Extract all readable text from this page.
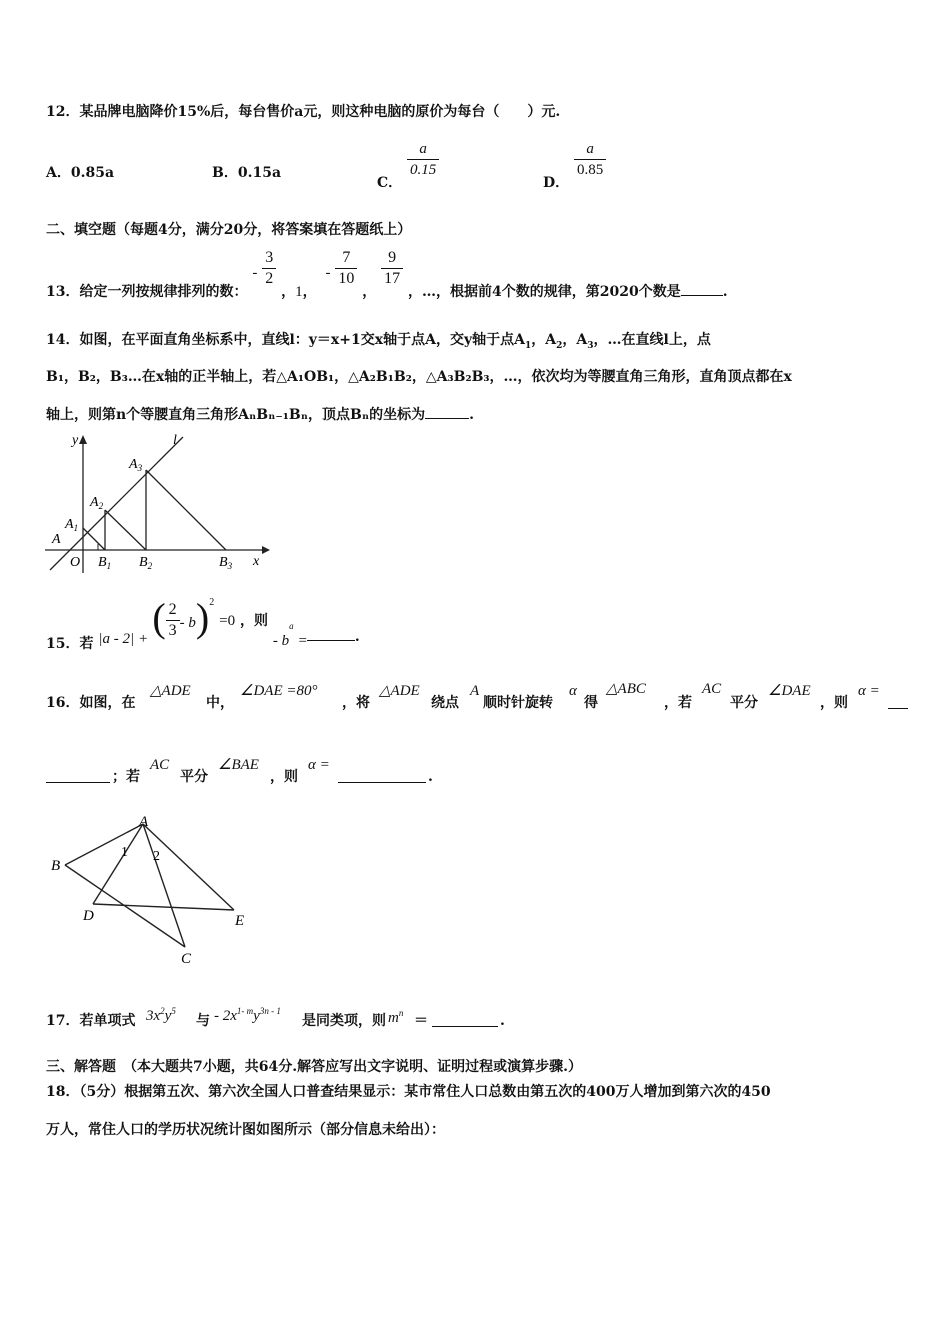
12．某品牌电脑降价15%后，每台售价a元，则这种电脑的原价为每台（　　）元.
A．0.85a	B．0.15a
C．
$\frac{a}{0.15}$
D．
$\frac{a}{0.85}$
二、填空题（每题4分，满分20分，将答案填在答题纸上）
13．给定一列按规律排列的数： - $\frac{3}{2}$
，1， - $\frac{7}{10}$
，
$\frac{9}{17}$
，…，根据前4个数的规律，第2020个数是	.
14．如图，在平面直角坐标系中，直线l：y＝x+1交x轴于点A，交y轴于点$A_1$，$A_2$，$A_3$，…在直线l上，点
B₁，B₂，B₃…在x轴的正半轴上，若△A₁OB₁，△A₂B₁B₂，△A₃B₂B₃，…，依次均为等腰直角三角形，直角顶点都在x
轴上，则第n个等腰直角三角形AₙBₙ₋₁Bₙ，顶点Bₙ的坐标为	.
y	l
$A_3$
$A_2$
$A_1$
A
O $B_1$ $B_2$	$B_3$ x
15．若 |a - 2| + ( $\frac{2}{3} - b)^2 =0$ ，则 - $b^a$ =	.
16．如图，在
△ADE
中，
∠DAE =80°
，将
△ADE
绕点
A
顺时针旋转
α
得
△ABC
，若
AC
平分
∠DAE
，则
α =
；若
AC
平分
∠BAE
，则
α =
.
A
B
D	E
C
1 2
17．若单项式 $3x^2y^5$
与 - $2x^{1- m}y^{3n - 1}$
是同类项，则 $m^n$ ＝	.
三、解答题　（本大题共7小题，共64分.解答应写出文字说明、证明过程或演算步骤.）
18．（5分）根据第五次、第六次全国人口普查结果显示：某市常住人口总数由第五次的400万人增加到第六次的450
万人，常住人口的学历状况统计图如图所示（部分信息未给出）：
